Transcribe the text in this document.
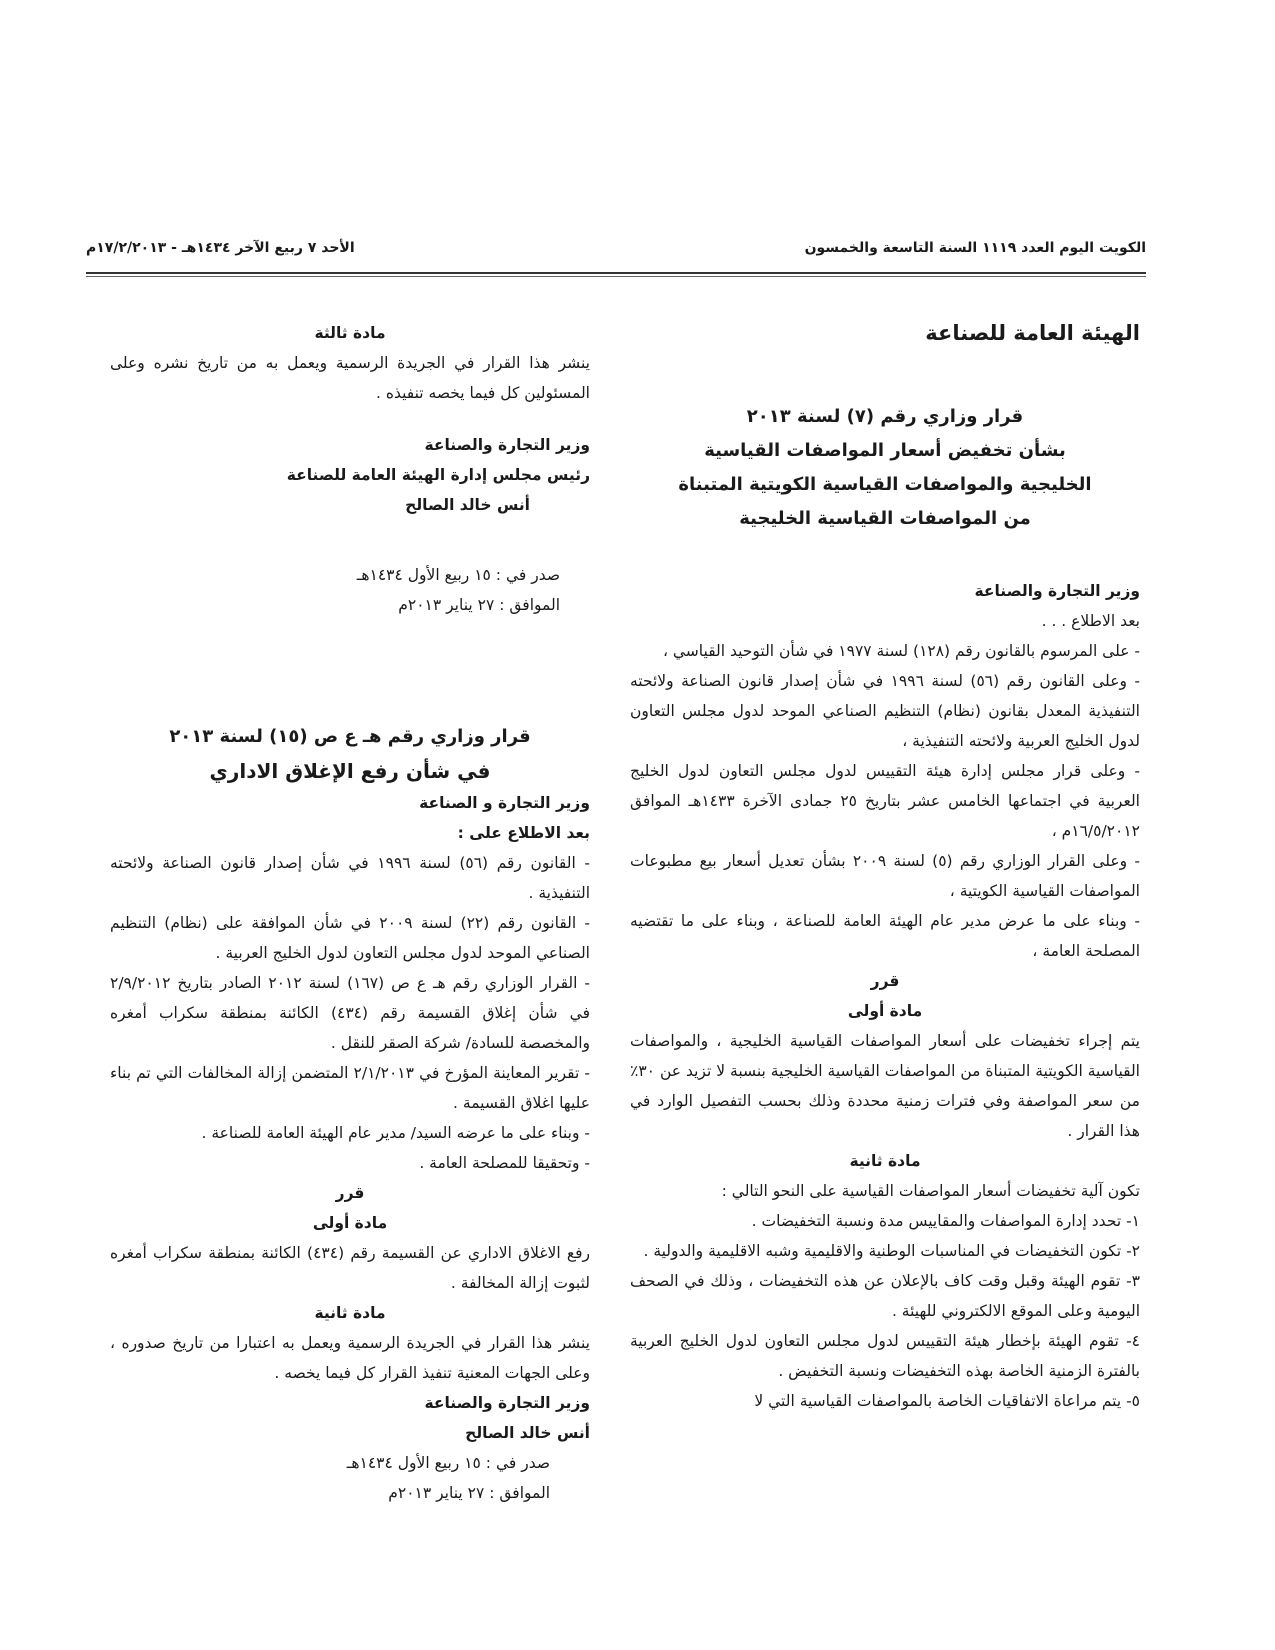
الكويت اليوم العدد ١١١٩ السنة التاسعة والخمسون
الأحد ٧ ربيع الآخر ١٤٣٤هـ - ١٧/٢/٢٠١٣م
الهيئة العامة للصناعة
قرار وزاري رقم (٧) لسنة ٢٠١٣
بشأن تخفيض أسعار المواصفات القياسية
الخليجية والمواصفات القياسية الكويتية المتبناة
من المواصفات القياسية الخليجية
وزير التجارة والصناعة
بعد الاطلاع . . .
- على المرسوم بالقانون رقم (١٢٨) لسنة ١٩٧٧ في شأن التوحيد القياسي ،
- وعلى القانون رقم (٥٦) لسنة ١٩٩٦ في شأن إصدار قانون الصناعة ولائحته التنفيذية المعدل بقانون (نظام) التنظيم الصناعي الموحد لدول مجلس التعاون لدول الخليج العربية ولائحته التنفيذية ،
- وعلى قرار مجلس إدارة هيئة التقييس لدول مجلس التعاون لدول الخليج العربية في اجتماعها الخامس عشر بتاريخ ٢٥ جمادى الآخرة ١٤٣٣هـ الموافق ١٦/٥/٢٠١٢م ،
- وعلى القرار الوزاري رقم (٥) لسنة ٢٠٠٩ بشأن تعديل أسعار بيع مطبوعات المواصفات القياسية الكويتية ،
- وبناء على ما عرض مدير عام الهيئة العامة للصناعة ، وبناء على ما تقتضيه المصلحة العامة ،
قرر
مادة أولى
يتم إجراء تخفيضات على أسعار المواصفات القياسية الخليجية ، والمواصفات القياسية الكويتية المتبناة من المواصفات القياسية الخليجية بنسبة لا تزيد عن ٣٠٪ من سعر المواصفة وفي فترات زمنية محددة وذلك بحسب التفصيل الوارد في هذا القرار .
مادة ثانية
تكون آلية تخفيضات أسعار المواصفات القياسية على النحو التالي :
١- تحدد إدارة المواصفات والمقاييس مدة ونسبة التخفيضات .
٢- تكون التخفيضات في المناسبات الوطنية والاقليمية وشبه الاقليمية والدولية .
٣- تقوم الهيئة وقبل وقت كاف بالإعلان عن هذه التخفيضات ، وذلك في الصحف اليومية وعلى الموقع الالكتروني للهيئة .
٤- تقوم الهيئة بإخطار هيئة التقييس لدول مجلس التعاون لدول الخليج العربية بالفترة الزمنية الخاصة بهذه التخفيضات ونسبة التخفيض .
٥- يتم مراعاة الاتفاقيات الخاصة بالمواصفات القياسية التي لا
مادة ثالثة
ينشر هذا القرار في الجريدة الرسمية ويعمل به من تاريخ نشره وعلى المسئولين كل فيما يخصه تنفيذه .
وزير التجارة والصناعة
رئيس مجلس إدارة الهيئة العامة للصناعة
أنس خالد الصالح
صدر في : ١٥ ربيع الأول ١٤٣٤هـ
الموافق : ٢٧ يناير ٢٠١٣م
قرار وزاري رقم هـ ع ص (١٥) لسنة ٢٠١٣
في شأن رفع الإغلاق الاداري
وزير التجارة و الصناعة
بعد الاطلاع على :
- القانون رقم (٥٦) لسنة ١٩٩٦ في شأن إصدار قانون الصناعة ولائحته التنفيذية .
- القانون رقم (٢٢) لسنة ٢٠٠٩ في شأن الموافقة على (نظام) التنظيم الصناعي الموحد لدول مجلس التعاون لدول الخليج العربية .
- القرار الوزاري رقم هـ ع ص (١٦٧) لسنة ٢٠١٢ الصادر بتاريخ ٢/٩/٢٠١٢ في شأن إغلاق القسيمة رقم (٤٣٤) الكائنة بمنطقة سكراب أمغره والمخصصة للسادة/ شركة الصقر للنقل .
- تقرير المعاينة المؤرخ في ٢/١/٢٠١٣ المتضمن إزالة المخالفات التي تم بناء عليها اغلاق القسيمة .
- وبناء على ما عرضه السيد/ مدير عام الهيئة العامة للصناعة .
- وتحقيقا للمصلحة العامة .
قرر
مادة أولى
رفع الاغلاق الاداري عن القسيمة رقم (٤٣٤) الكائنة بمنطقة سكراب أمغره لثبوت إزالة المخالفة .
مادة ثانية
ينشر هذا القرار في الجريدة الرسمية ويعمل به اعتبارا من تاريخ صدوره ، وعلى الجهات المعنية تنفيذ القرار كل فيما يخصه .
وزير التجارة والصناعة
أنس خالد الصالح
صدر في : ١٥ ربيع الأول ١٤٣٤هـ
الموافق : ٢٧ يناير ٢٠١٣م
